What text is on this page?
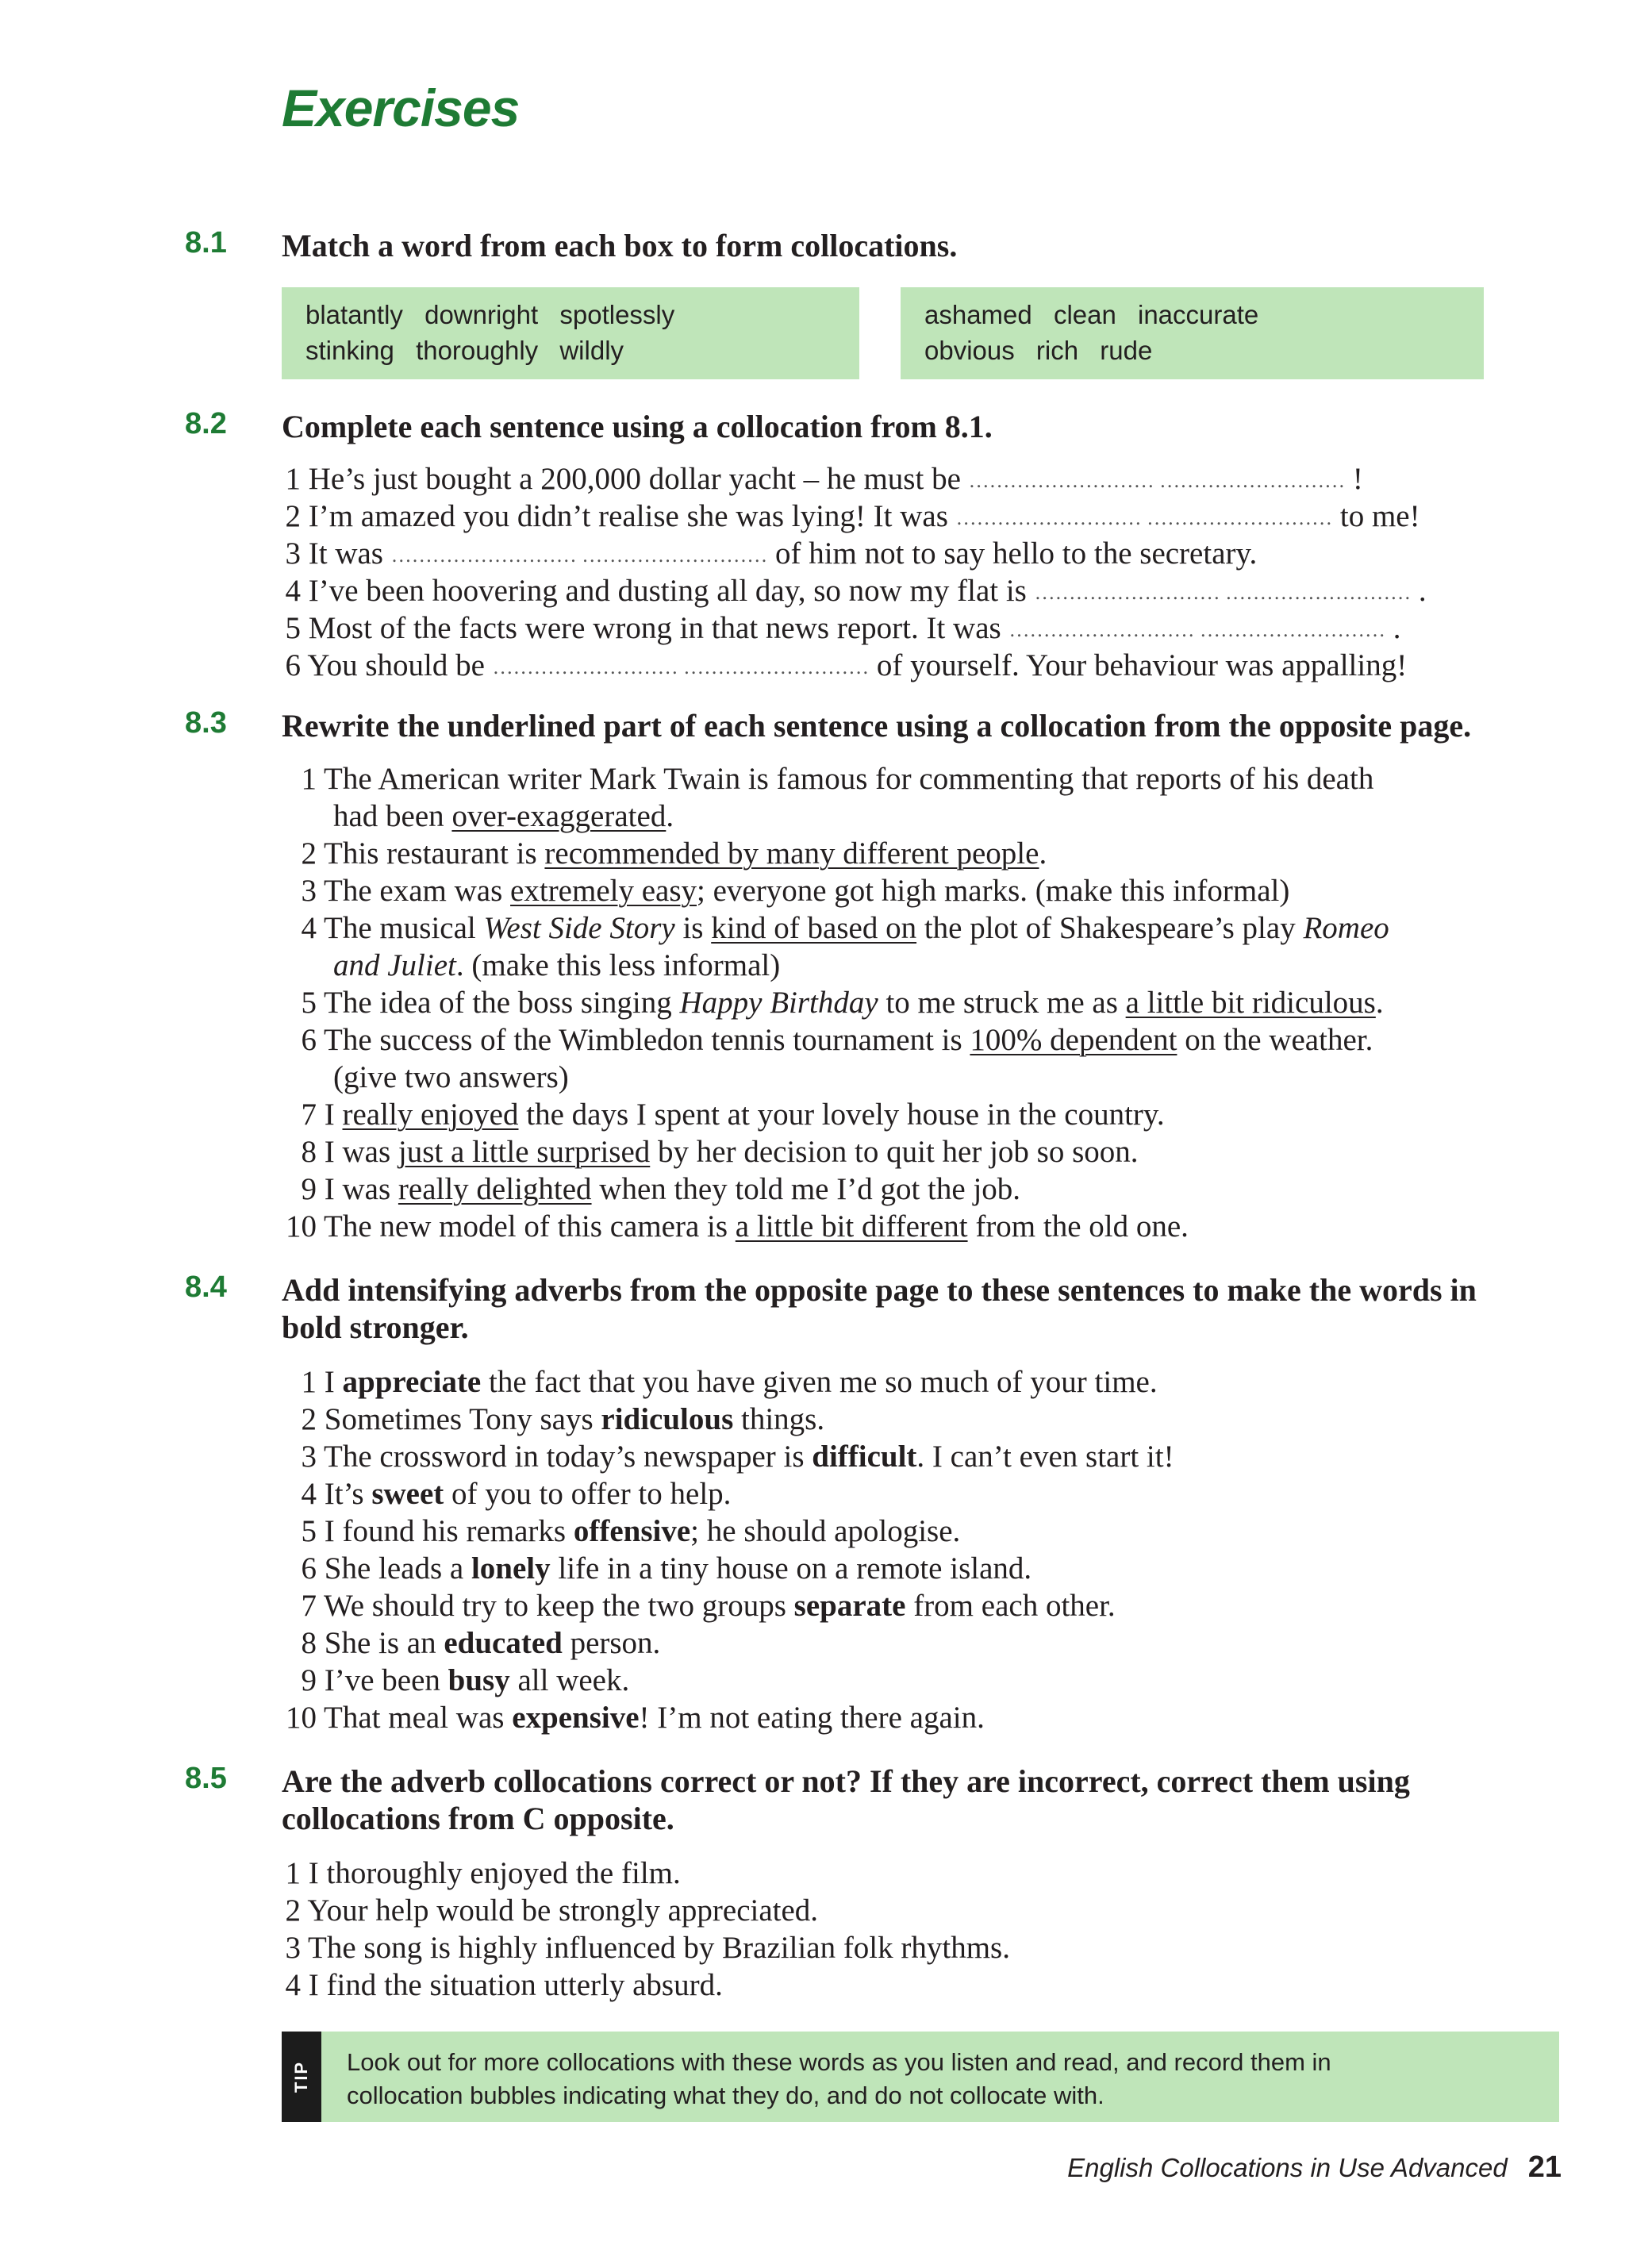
Exercises
8.1 Match a word from each box to form collocations.
blatantly downright spotlessly
stinking thoroughly wildly
ashamed clean inaccurate
obvious rich rude
8.2 Complete each sentence using a collocation from 8.1.
1 He’s just bought a 200,000 dollar yacht – he must be ……………………… ……………………… !
2 I’m amazed you didn’t realise she was lying! It was ……………………… ……………………… to me!
3 It was ……………………… ……………………… of him not to say hello to the secretary.
4 I’ve been hoovering and dusting all day, so now my flat is ……………………… ……………………… .
5 Most of the facts were wrong in that news report. It was ……………………… ……………………… .
6 You should be ……………………… ……………………… of yourself. Your behaviour was appalling!
8.3 Rewrite the underlined part of each sentence using a collocation from the opposite page.
1 The American writer Mark Twain is famous for commenting that reports of his death
had been over-exaggerated.
2 This restaurant is recommended by many different people.
3 The exam was extremely easy; everyone got high marks. (make this informal)
4 The musical West Side Story is kind of based on the plot of Shakespeare’s play Romeo
and Juliet. (make this less informal)
5 The idea of the boss singing Happy Birthday to me struck me as a little bit ridiculous.
6 The success of the Wimbledon tennis tournament is 100% dependent on the weather.
(give two answers)
7 I really enjoyed the days I spent at your lovely house in the country.
8 I was just a little surprised by her decision to quit her job so soon.
9 I was really delighted when they told me I’d got the job.
10 The new model of this camera is a little bit different from the old one.
8.4 Add intensifying adverbs from the opposite page to these sentences to make the words in
bold stronger.
1 I appreciate the fact that you have given me so much of your time.
2 Sometimes Tony says ridiculous things.
3 The crossword in today’s newspaper is difficult. I can’t even start it!
4 It’s sweet of you to offer to help.
5 I found his remarks offensive; he should apologise.
6 She leads a lonely life in a tiny house on a remote island.
7 We should try to keep the two groups separate from each other.
8 She is an educated person.
9 I’ve been busy all week.
10 That meal was expensive! I’m not eating there again.
8.5 Are the adverb collocations correct or not? If they are incorrect, correct them using
collocations from C opposite.
1 I thoroughly enjoyed the film.
2 Your help would be strongly appreciated.
3 The song is highly influenced by Brazilian folk rhythms.
4 I find the situation utterly absurd.
TIP Look out for more collocations with these words as you listen and read, and record them in
collocation bubbles indicating what they do, and do not collocate with.
English Collocations in Use Advanced 21
